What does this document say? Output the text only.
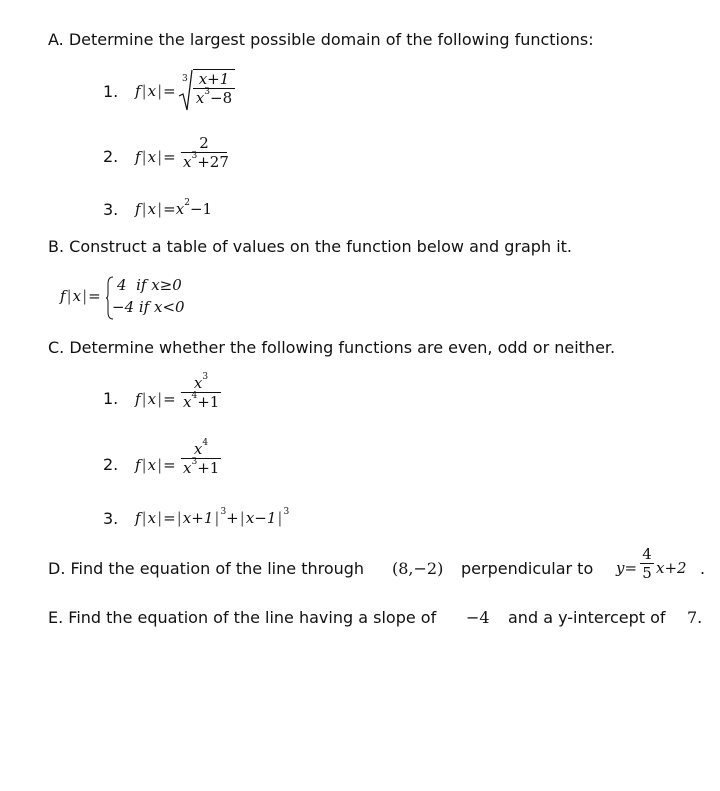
A. Determine the largest possible domain of the following functions:
1. f|x|=
$3 \frac{x+1}{x^3-8}$
2. $f|x|= \frac{2}{x^3+27}$
3. $f|x|=x^2-1$
B. Construct a table of values on the function below and graph it.
f|x|=
4  if x≥0
−4 if x<0
C. Determine whether the following functions are even, odd or neither.
1. $f|x|= \frac{x^3}{x^4+1}$
2. $f|x|= \frac{x^4}{x^3+1}$
3. $f|x|=|x+1|^3+|x-1|^3$
D. Find the equation of the line through (8,−2) perpendicular to $y= \frac{4}{5} x+2$ .
E. Find the equation of the line having a slope of −4 and a y-intercept of 7.
